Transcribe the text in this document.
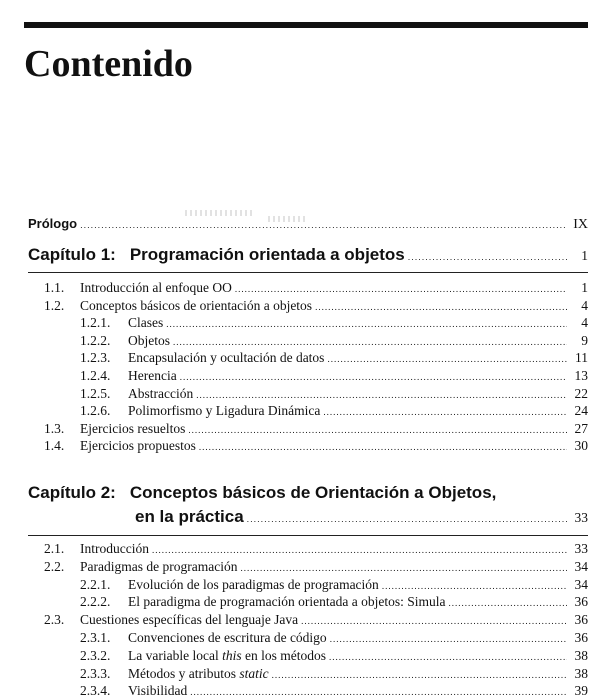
Contenido
Prólogo .....	IX
Capítulo 1: Programación orientada a objetos .....	1
1.1.	Introducción al enfoque OO .....	1
1.2.	Conceptos básicos de orientación a objetos .....	4
1.2.1.	Clases .....	4
1.2.2.	Objetos .....	9
1.2.3.	Encapsulación y ocultación de datos .....	11
1.2.4.	Herencia .....	13
1.2.5.	Abstracción .....	22
1.2.6.	Polimorfismo y Ligadura Dinámica .....	24
1.3.	Ejercicios resueltos .....	27
1.4.	Ejercicios propuestos .....	30
Capítulo 2: Conceptos básicos de Orientación a Objetos,
en la práctica .....	33
2.1.	Introducción .....	33
2.2.	Paradigmas de programación .....	34
2.2.1.	Evolución de los paradigmas de programación .....	34
2.2.2.	El paradigma de programación orientada a objetos: Simula .....	36
2.3.	Cuestiones específicas del lenguaje Java .....	36
2.3.1.	Convenciones de escritura de código .....	36
2.3.2.	La variable local this en los métodos .....	38
2.3.3.	Métodos y atributos static .....	38
2.3.4.	Visibilidad .....	39
